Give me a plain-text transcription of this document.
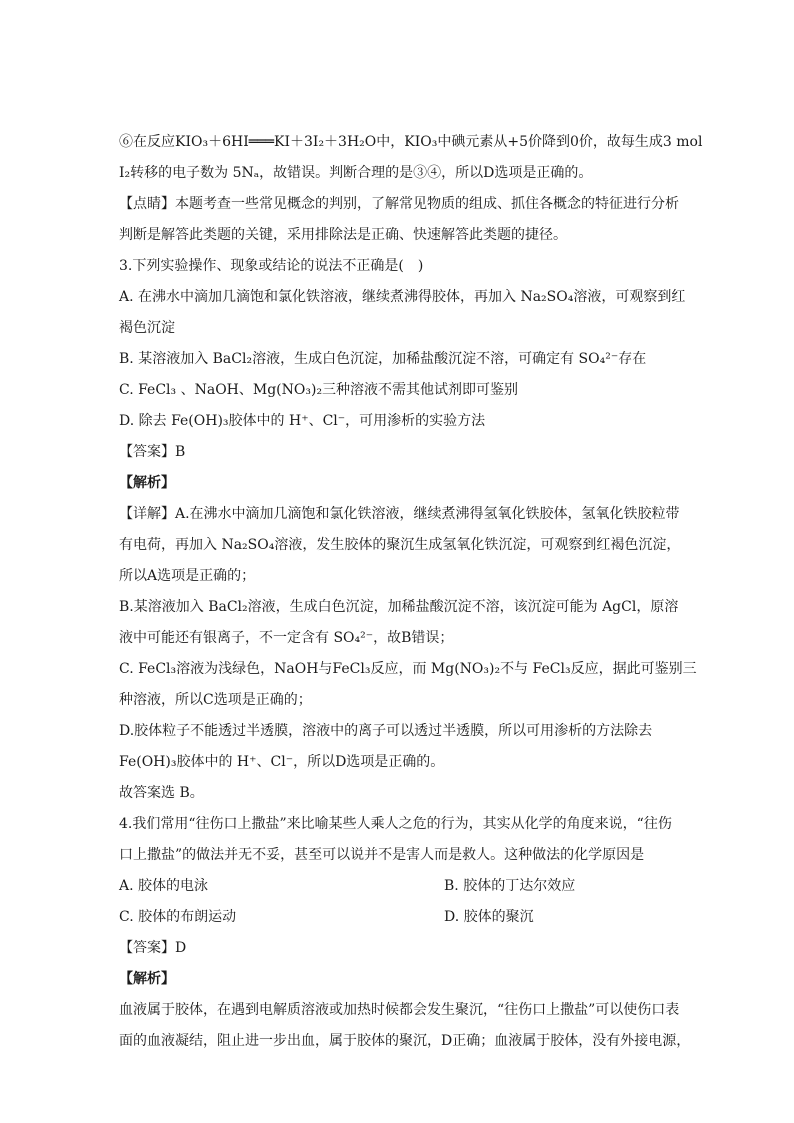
⑥在反应KIO₃＋6HI═══KI＋3I₂＋3H₂O中，KIO₃中碘元素从+5价降到0价，故每生成3 mol
I₂转移的电子数为 5Nₐ，故错误。判断合理的是③④，所以D选项是正确的。
【点睛】本题考查一些常见概念的判别，了解常见物质的组成、抓住各概念的特征进行分析
判断是解答此类题的关键，采用排除法是正确、快速解答此类题的捷径。
3.下列实验操作、现象或结论的说法不正确是(　)
A. 在沸水中滴加几滴饱和氯化铁溶液，继续煮沸得胶体，再加入 Na₂SO₄溶液，可观察到红
褐色沉淀
B. 某溶液加入 BaCl₂溶液，生成白色沉淀，加稀盐酸沉淀不溶，可确定有 SO₄²⁻存在
C. FeCl₃ 、NaOH、Mg(NO₃)₂三种溶液不需其他试剂即可鉴别
D. 除去 Fe(OH)₃胶体中的 H⁺、Cl⁻，可用渗析的实验方法
【答案】B
【解析】
【详解】A.在沸水中滴加几滴饱和氯化铁溶液，继续煮沸得氢氧化铁胶体，氢氧化铁胶粒带
有电荷，再加入 Na₂SO₄溶液，发生胶体的聚沉生成氢氧化铁沉淀，可观察到红褐色沉淀，
所以A选项是正确的；
B.某溶液加入 BaCl₂溶液，生成白色沉淀，加稀盐酸沉淀不溶，该沉淀可能为 AgCl，原溶
液中可能还有银离子，不一定含有 SO₄²⁻，故B错误；
C. FeCl₃溶液为浅绿色，NaOH与FeCl₃反应，而 Mg(NO₃)₂不与 FeCl₃反应，据此可鉴别三
种溶液，所以C选项是正确的；
D.胶体粒子不能透过半透膜，溶液中的离子可以透过半透膜，所以可用渗析的方法除去
Fe(OH)₃胶体中的 H⁺、Cl⁻，所以D选项是正确的。
故答案选 B。
4.我们常用“往伤口上撒盐”来比喻某些人乘人之危的行为，其实从化学的角度来说，“往伤
口上撒盐”的做法并无不妥，甚至可以说并不是害人而是救人。这种做法的化学原因是
A. 胶体的电泳	B. 胶体的丁达尔效应
C. 胶体的布朗运动	D. 胶体的聚沉
【答案】D
【解析】
血液属于胶体，在遇到电解质溶液或加热时候都会发生聚沉，“往伤口上撒盐”可以使伤口表
面的血液凝结，阻止进一步出血，属于胶体的聚沉，D正确；血液属于胶体，没有外接电源，
